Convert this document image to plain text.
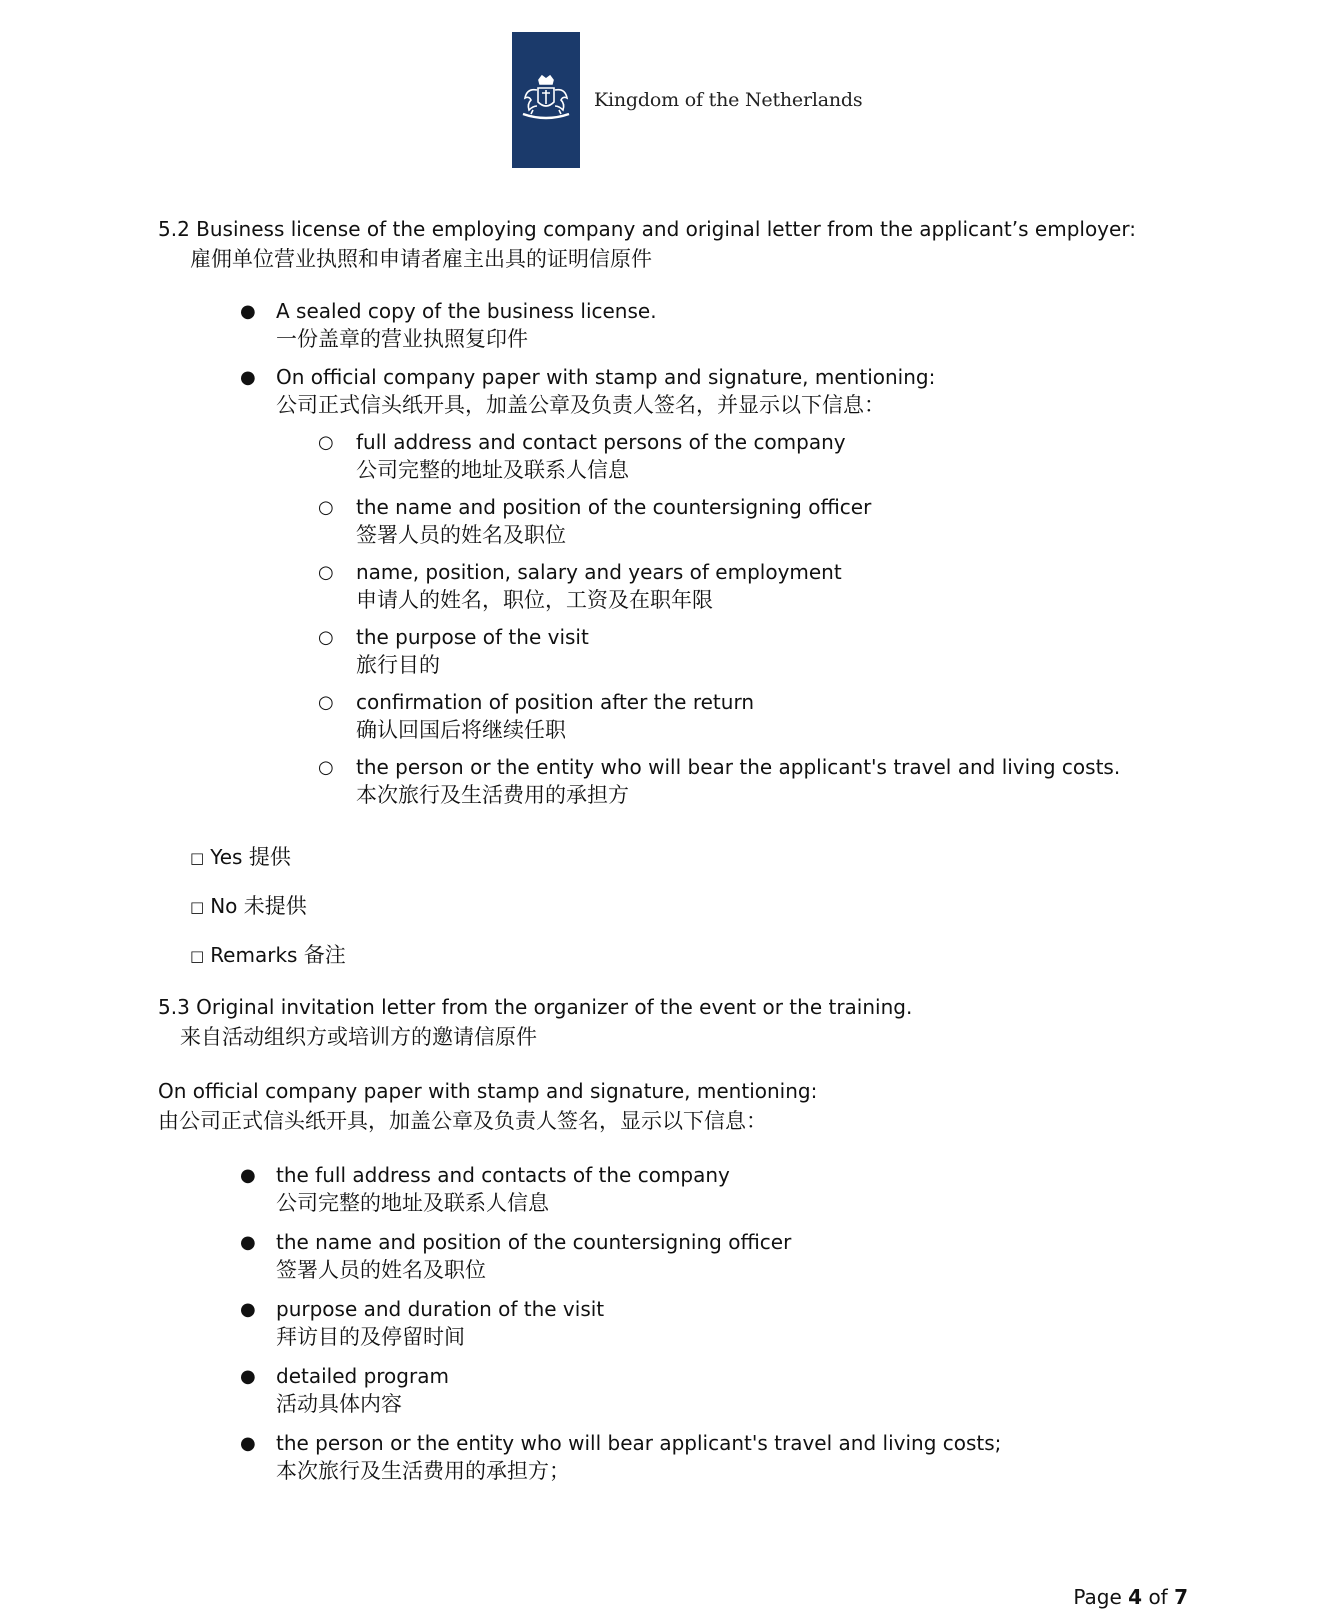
Kingdom of the Netherlands
5.2 Business license of the employing company and original letter from the applicant’s employer:
雇佣单位营业执照和申请者雇主出具的证明信原件
● A sealed copy of the business license.
一份盖章的营业执照复印件
● On official company paper with stamp and signature, mentioning:
公司正式信头纸开具，加盖公章及负责人签名，并显示以下信息：
○ full address and contact persons of the company
公司完整的地址及联系人信息
○ the name and position of the countersigning officer
签署人员的姓名及职位
○ name, position, salary and years of employment
申请人的姓名，职位，工资及在职年限
○ the purpose of the visit
旅行目的
○ confirmation of position after the return
确认回国后将继续任职
○ the person or the entity who will bear the applicant's travel and living costs.
本次旅行及生活费用的承担方
□ Yes 提供
□ No 未提供
□ Remarks 备注
5.3 Original invitation letter from the organizer of the event or the training.
来自活动组织方或培训方的邀请信原件
On official company paper with stamp and signature, mentioning:
由公司正式信头纸开具，加盖公章及负责人签名，显示以下信息：
● the full address and contacts of the company
公司完整的地址及联系人信息
● the name and position of the countersigning officer
签署人员的姓名及职位
● purpose and duration of the visit
拜访目的及停留时间
● detailed program
活动具体内容
● the person or the entity who will bear applicant's travel and living costs;
本次旅行及生活费用的承担方；
Page 4 of 7
